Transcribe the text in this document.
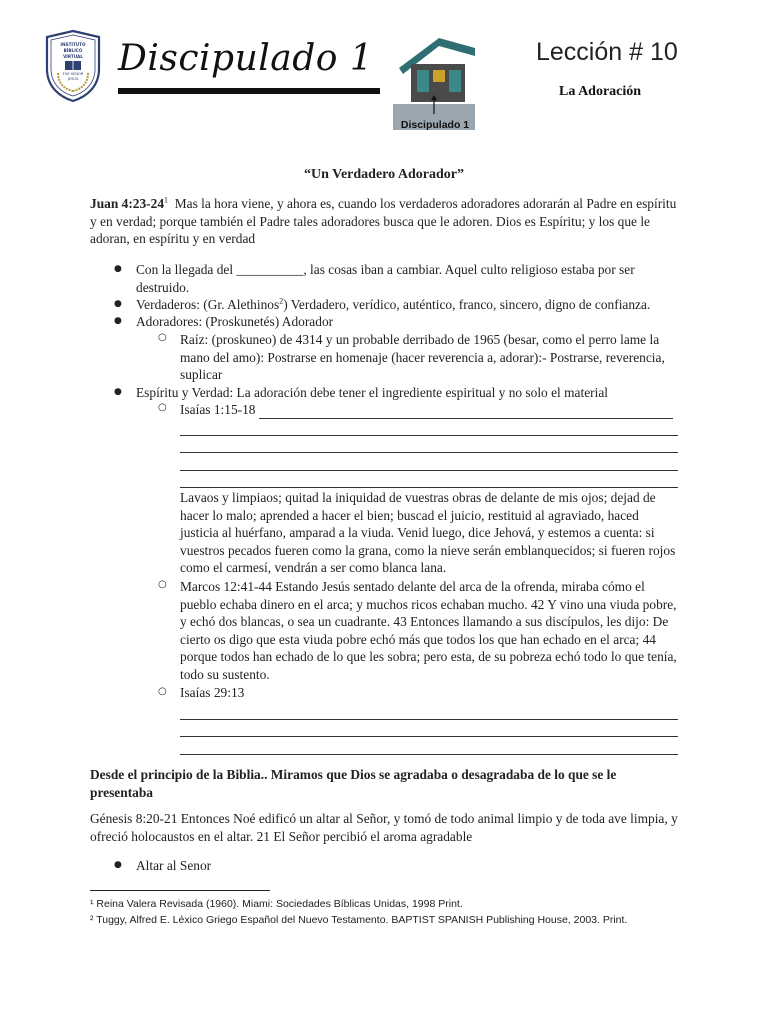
INSTITUTO
BÍBLICO
VIRTUAL
FUE SEÑOR
JESÚS Discipulado 1
Discipulado 1
Lección # 10
La Adoración
“Un Verdadero Adorador”
Juan $4:23-24^1$ Mas la hora viene, y ahora es, cuando los verdaderos adoradores adorarán al Padre en espíritu y en verdad; porque también el Padre tales adoradores busca que le adoren. Dios es Espíritu; y los que le adoran, en espíritu y en verdad
● Con la llegada del __________, las cosas iban a cambiar. Aquel culto religioso estaba por ser destruido.
● Verdaderos: (Gr. Alethinos$^2$) Verdadero, verídico, auténtico, franco, sincero, digno de confianza.
● Adoradores: (Proskunetés) Adorador
○ Raíz: (proskuneo) de 4314 y un probable derribado de 1965 (besar, como el perro lame la mano del amo): Postrarse en homenaje (hacer reverencia a, adorar):- Postrarse, reverencia, suplicar
● Espíritu y Verdad: La adoración debe tener el ingrediente espiritual y no solo el material
○ Isaías 1:15-18
Lavaos y limpiaos; quitad la iniquidad de vuestras obras de delante de mis ojos; dejad de hacer lo malo; aprended a hacer el bien; buscad el juicio, restituid al agraviado, haced justicia al huérfano, amparad a la viuda. Venid luego, dice Jehová, y estemos a cuenta: si vuestros pecados fueren como la grana, como la nieve serán emblanquecidos; si fueren rojos como el carmesí, vendrán a ser como blanca lana.
○ Marcos 12:41-44 Estando Jesús sentado delante del arca de la ofrenda, miraba cómo el pueblo echaba dinero en el arca; y muchos ricos echaban mucho. 42 Y vino una viuda pobre, y echó dos blancas, o sea un cuadrante. 43 Entonces llamando a sus discípulos, les dijo: De cierto os digo que esta viuda pobre echó más que todos los que han echado en el arca; 44 porque todos han echado de lo que les sobra; pero esta, de su pobreza echó todo lo que tenía, todo su sustento.
○ Isaías 29:13
Desde el principio de la Biblia.. Miramos que Dios se agradaba o desagradaba de lo que se le presentaba
Génesis 8:20-21 Entonces Noé edificó un altar al Señor, y tomó de todo animal limpio y de toda ave limpia, y ofreció holocaustos en el altar. 21 El Señor percibió el aroma agradable
● Altar al Senor
¹ Reina Valera Revisada (1960). Miami: Sociedades Bíblicas Unidas, 1998 Print.
² Tuggy, Alfred E. Léxico Griego Español del Nuevo Testamento. BAPTIST SPANISH Publishing House, 2003. Print.
